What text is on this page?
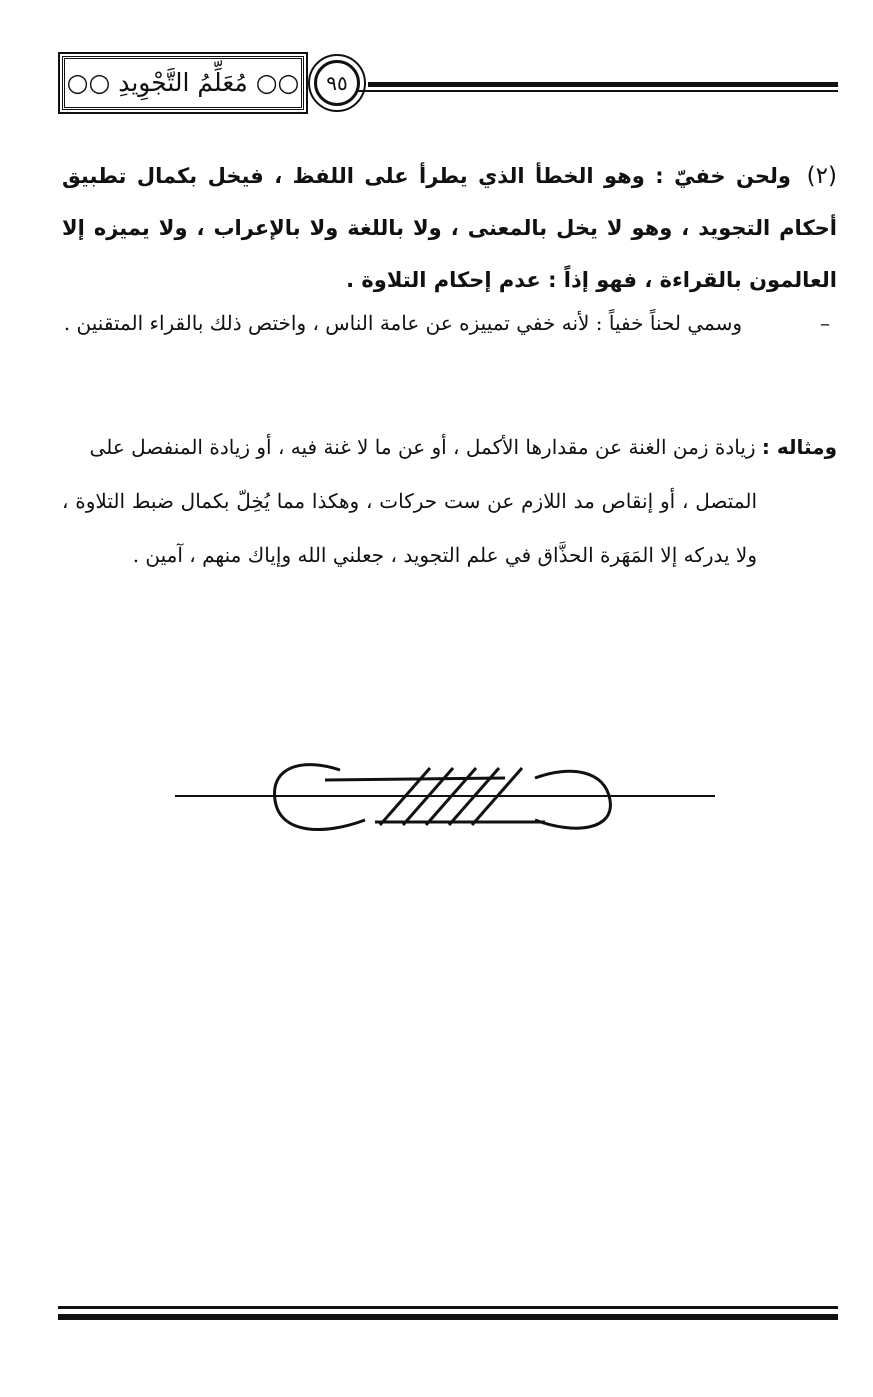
٩٥
○○ مُعَلِّمُ التَّجْوِيدِ ○○
(٢)ولحن خفيّ : وهو الخطأ الذي يطرأ على اللفظ ، فيخل بكمال تطبيق أحكام التجويد ، وهو لا يخل بالمعنى ، ولا باللغة ولا بالإعراب ، ولا يميزه إلا العالمون بالقراءة ، فهو إذاً : عدم إحكام التلاوة .
–
وسمي لحناً خفياً : لأنه خفي تمييزه عن عامة الناس ، واختص ذلك بالقراء المتقنين .
ومثاله : زيادة زمن الغنة عن مقدارها الأكمل ، أو عن ما لا غنة فيه ، أو زيادة المنفصل على
المتصل ، أو إنقاص مد اللازم عن ست حركات ، وهكذا مما يُخِلّ بكمال ضبط التلاوة ، ولا يدركه إلا المَهَرة الحذَّاق في علم التجويد ، جعلني الله وإياك منهم ، آمين .
